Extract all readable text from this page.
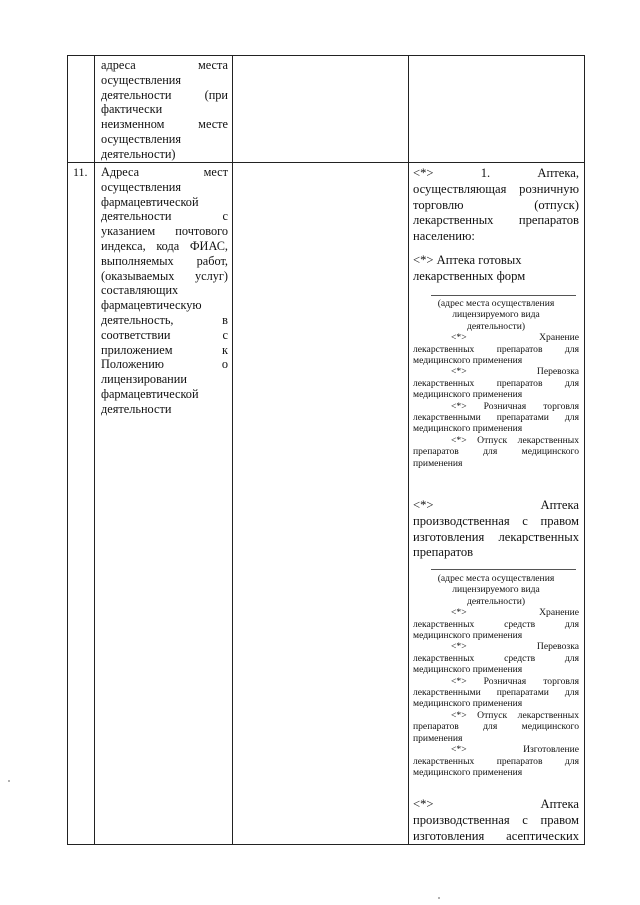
адреса места
осуществления
деятельности (при
фактически
неизменном месте
осуществления
деятельности)
11. Адреса мест
осуществления
фармацевтической
деятельности с
указанием почтового
индекса, кода ФИАС,
выполняемых работ,
(оказываемых услуг)
составляющих
фармацевтическую
деятельность, в
соответствии с
приложением к
Положению о
лицензировании
фармацевтической
деятельности
<*> 1. Аптека,
осуществляющая розничную
торговлю (отпуск)
лекарственных препаратов
населению:
<*> Аптека готовых
лекарственных форм
(адрес места осуществления
лицензируемого вида
деятельности)
<*> Хранение
лекарственных препаратов для
медицинского применения
<*> Перевозка
лекарственных препаратов для
медицинского применения
<*> Розничная торговля
лекарственными препаратами для
медицинского применения
<*> Отпуск лекарственных
препаратов для медицинского
применения
<*> Аптека
производственная с правом
изготовления лекарственных
препаратов
(адрес места осуществления
лицензируемого вида
деятельности)
<*> Хранение
лекарственных средств для
медицинского применения
<*> Перевозка
лекарственных средств для
медицинского применения
<*> Розничная торговля
лекарственными препаратами для
медицинского применения
<*> Отпуск лекарственных
препаратов для медицинского
применения
<*> Изготовление
лекарственных препаратов для
медицинского применения
<*> Аптека
производственная с правом
изготовления асептических
